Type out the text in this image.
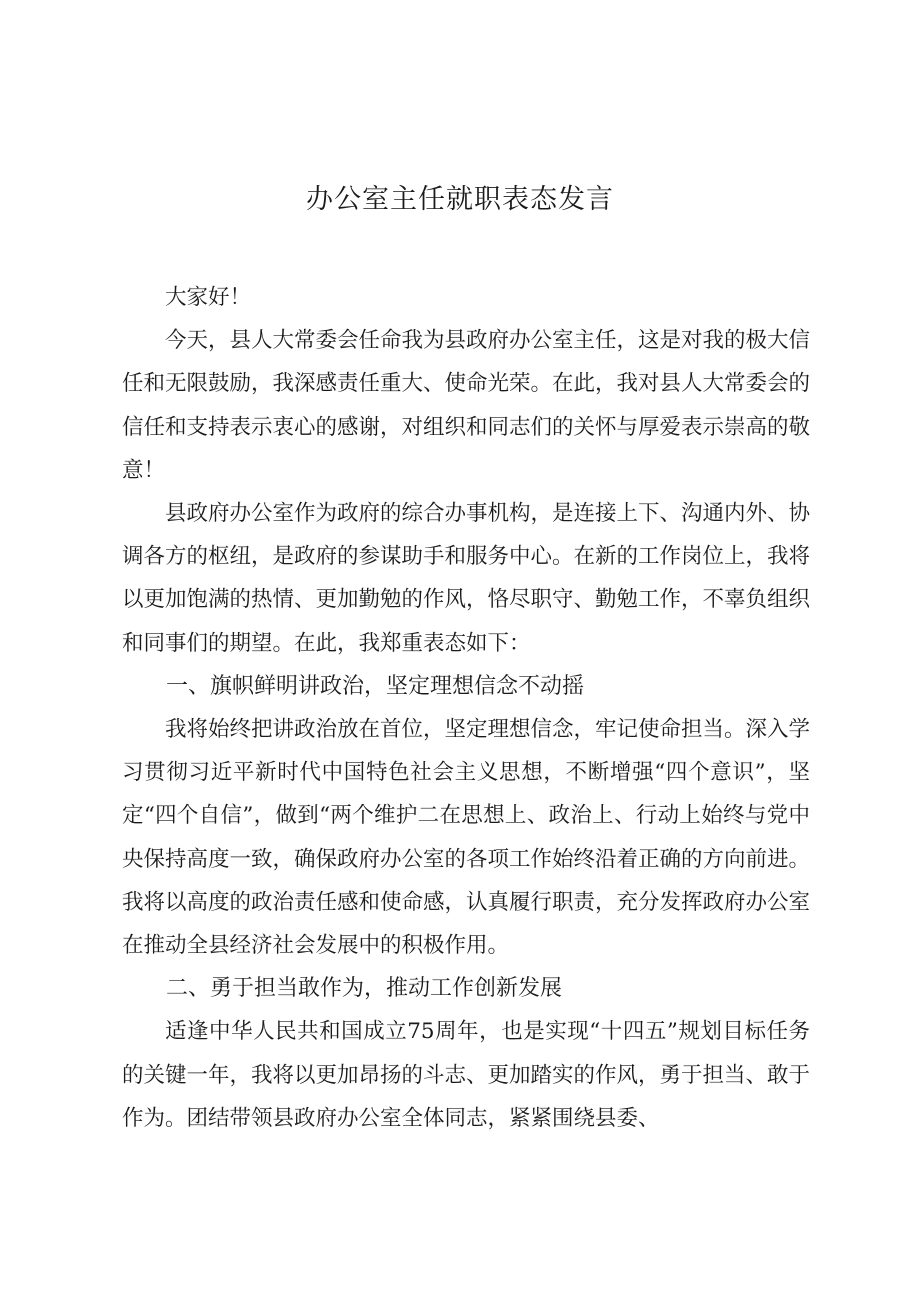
办公室主任就职表态发言

大家好！

今天，县人大常委会任命我为县政府办公室主任，这是对我的极大信任和无限鼓励，我深感责任重大、使命光荣。在此，我对县人大常委会的信任和支持表示衷心的感谢，对组织和同志们的关怀与厚爱表示崇高的敬意！

县政府办公室作为政府的综合办事机构，是连接上下、沟通内外、协调各方的枢纽，是政府的参谋助手和服务中心。在新的工作岗位上，我将以更加饱满的热情、更加勤勉的作风，恪尽职守、勤勉工作，不辜负组织和同事们的期望。在此，我郑重表态如下：

一、旗帜鲜明讲政治，坚定理想信念不动摇

我将始终把讲政治放在首位，坚定理想信念，牢记使命担当。深入学习贯彻习近平新时代中国特色社会主义思想，不断增强“四个意识”，坚定“四个自信”，做到“两个维护二在思想上、政治上、行动上始终与党中央保持高度一致，确保政府办公室的各项工作始终沿着正确的方向前进。我将以高度的政治责任感和使命感，认真履行职责，充分发挥政府办公室在推动全县经济社会发展中的积极作用。

二、勇于担当敢作为，推动工作创新发展

适逢中华人民共和国成立75周年，也是实现“十四五”规划目标任务的关键一年，我将以更加昂扬的斗志、更加踏实的作风，勇于担当、敢于作为。团结带领县政府办公室全体同志，紧紧围绕县委、
